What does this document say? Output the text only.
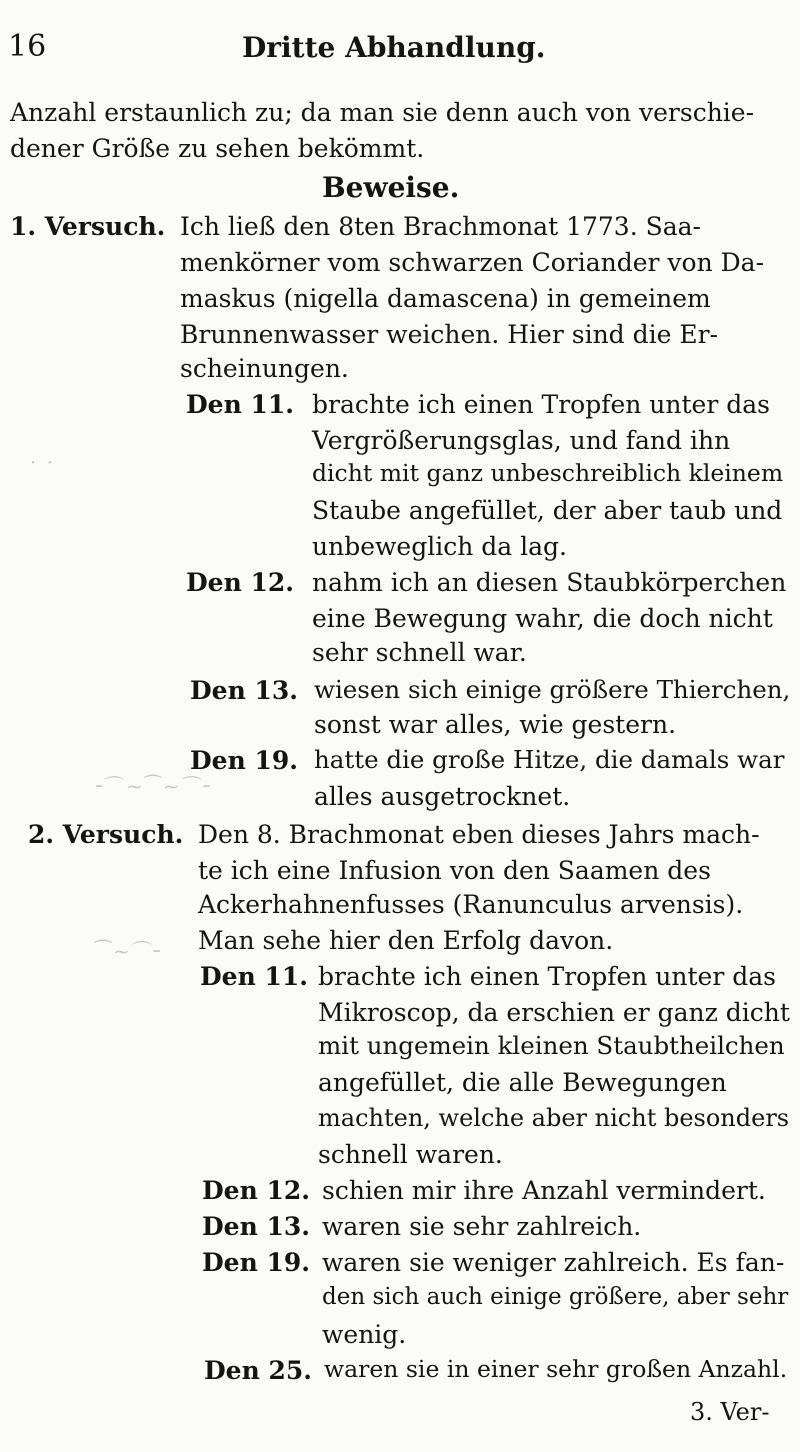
╶⌒~⁀~⌒╴
⁀~⌒╴
· ·
16	Dritte Abhandlung.
Anzahl erstaunlich zu; da man sie denn auch von verschie-
dener Größe zu sehen bekömmt.
Beweise.
1. Versuch. Ich ließ den 8ten Brachmonat 1773. Saa-
menkörner vom schwarzen Coriander von Da-
maskus (nigella damascena) in gemeinem
Brunnenwasser weichen. Hier sind die Er-
scheinungen.
Den 11. brachte ich einen Tropfen unter das
Vergrößerungsglas, und fand ihn
dicht mit ganz unbeschreiblich kleinem
Staube angefüllet, der aber taub und
unbeweglich da lag.
Den 12. nahm ich an diesen Staubkörperchen
eine Bewegung wahr, die doch nicht
sehr schnell war.
Den 13. wiesen sich einige größere Thierchen,
sonst war alles, wie gestern.
Den 19. hatte die große Hitze, die damals war
alles ausgetrocknet.
2. Versuch. Den 8. Brachmonat eben dieses Jahrs mach-
te ich eine Infusion von den Saamen des
Ackerhahnenfusses (Ranunculus arvensis).
Man sehe hier den Erfolg davon.
Den 11. brachte ich einen Tropfen unter das
Mikroscop, da erschien er ganz dicht
mit ungemein kleinen Staubtheilchen
angefüllet, die alle Bewegungen
machten, welche aber nicht besonders
schnell waren.
Den 12. schien mir ihre Anzahl vermindert.
Den 13. waren sie sehr zahlreich.
Den 19. waren sie weniger zahlreich. Es fan-
den sich auch einige größere, aber sehr
wenig.
Den 25. waren sie in einer sehr großen Anzahl.
3. Ver-
